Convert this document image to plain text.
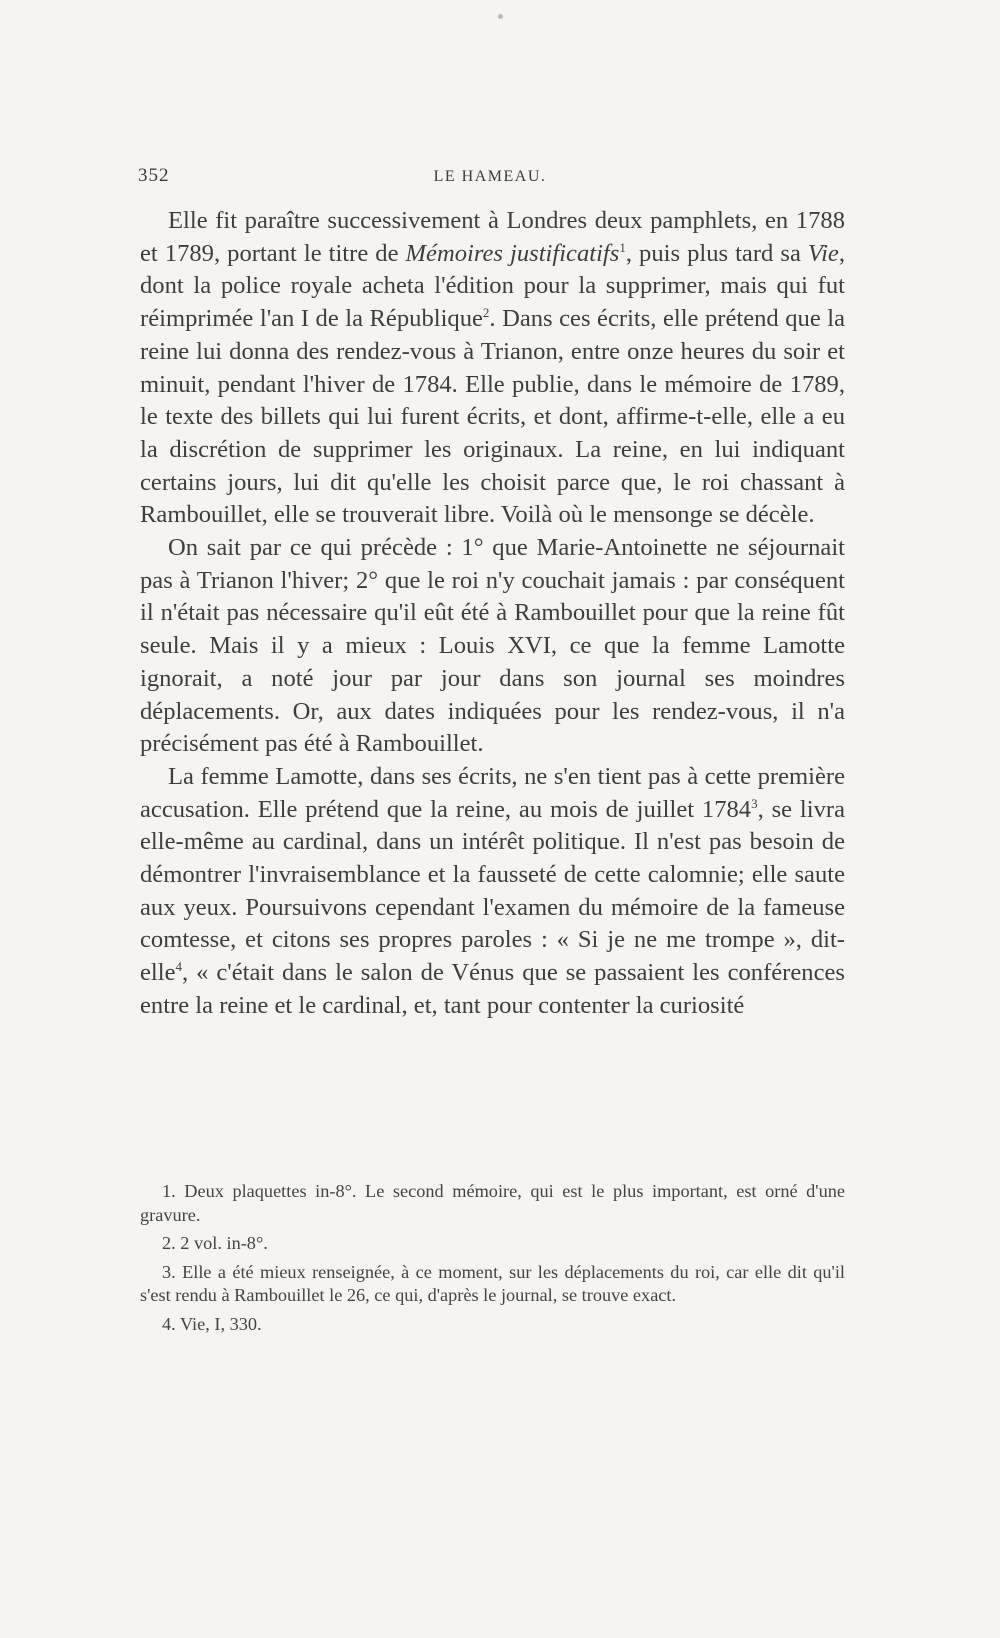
352	LE HAMEAU.

Elle fit paraître successivement à Londres deux pamphlets, en 1788 et 1789, portant le titre de Mémoires justificatifs$^1$, puis plus tard sa Vie, dont la police royale acheta l'édition pour la supprimer, mais qui fut réimprimée l'an I de la République$^2$. Dans ces écrits, elle prétend que la reine lui donna des rendez-vous à Trianon, entre onze heures du soir et minuit, pendant l'hiver de 1784. Elle publie, dans le mémoire de 1789, le texte des billets qui lui furent écrits, et dont, affirme-t-elle, elle a eu la discrétion de supprimer les originaux. La reine, en lui indiquant certains jours, lui dit qu'elle les choisit parce que, le roi chassant à Rambouillet, elle se trouverait libre. Voilà où le mensonge se décèle.

On sait par ce qui précède : 1° que Marie-Antoinette ne séjournait pas à Trianon l'hiver; 2° que le roi n'y couchait jamais : par conséquent il n'était pas nécessaire qu'il eût été à Rambouillet pour que la reine fût seule. Mais il y a mieux : Louis XVI, ce que la femme Lamotte ignorait, a noté jour par jour dans son journal ses moindres déplacements. Or, aux dates indiquées pour les rendez-vous, il n'a précisément pas été à Rambouillet.

La femme Lamotte, dans ses écrits, ne s'en tient pas à cette première accusation. Elle prétend que la reine, au mois de juillet 1784$^3$, se livra elle-même au cardinal, dans un intérêt politique. Il n'est pas besoin de démontrer l'invraisemblance et la fausseté de cette calomnie; elle saute aux yeux. Poursuivons cependant l'examen du mémoire de la fameuse comtesse, et citons ses propres paroles : « Si je ne me trompe », dit-elle$^4$, « c'était dans le salon de Vénus que se passaient les conférences entre la reine et le cardinal, et, tant pour contenter la curiosité

1. Deux plaquettes in-8°. Le second mémoire, qui est le plus important, est orné d'une gravure.

2. 2 vol. in-8°.

3. Elle a été mieux renseignée, à ce moment, sur les déplacements du roi, car elle dit qu'il s'est rendu à Rambouillet le 26, ce qui, d'après le journal, se trouve exact.

4. Vie, I, 330.
